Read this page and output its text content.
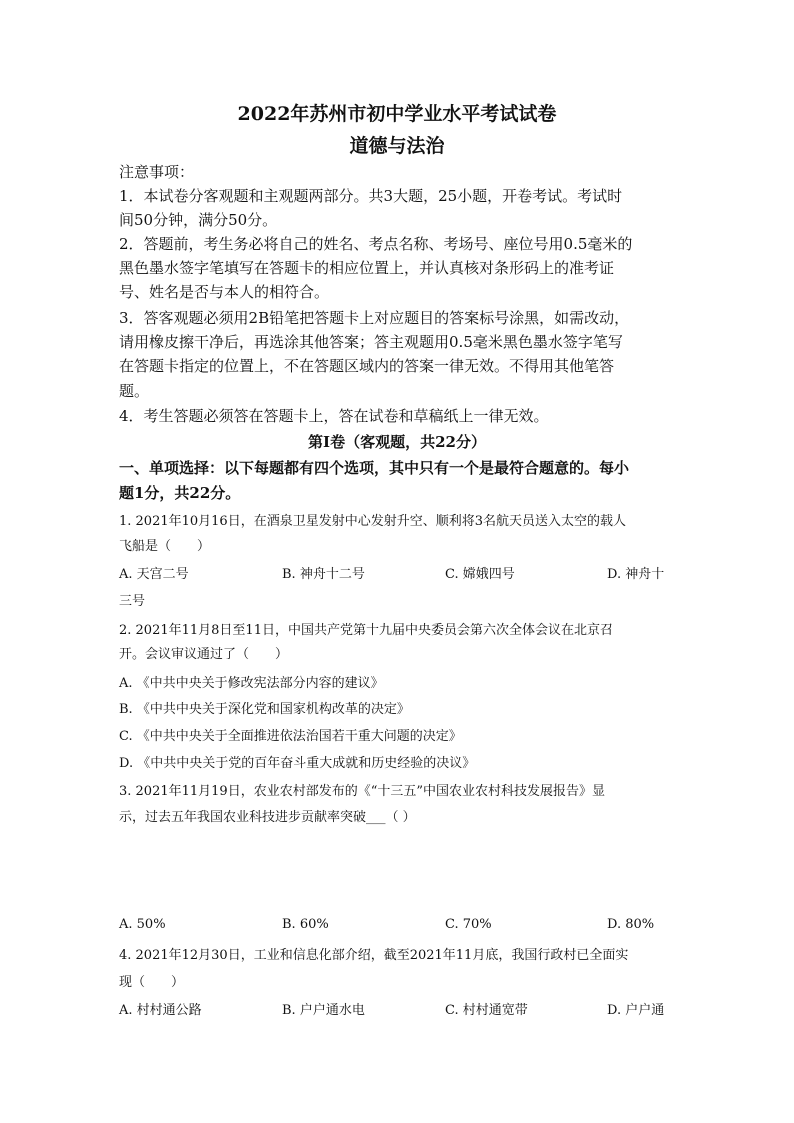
2022年苏州市初中学业水平考试试卷
道德与法治
注意事项：
1．本试卷分客观题和主观题两部分。共3大题，25小题，开卷考试。考试时
间50分钟，满分50分。
2．答题前，考生务必将自己的姓名、考点名称、考场号、座位号用0.5毫米的
黑色墨水签字笔填写在答题卡的相应位置上，并认真核对条形码上的准考证
号、姓名是否与本人的相符合。
3．答客观题必须用2B铅笔把答题卡上对应题目的答案标号涂黑，如需改动，
请用橡皮擦干净后，再选涂其他答案；答主观题用0.5毫米黑色墨水签字笔写
在答题卡指定的位置上，不在答题区域内的答案一律无效。不得用其他笔答
题。
4．考生答题必须答在答题卡上，答在试卷和草稿纸上一律无效。
第Ⅰ卷（客观题，共22分）
一、单项选择：以下每题都有四个选项，其中只有一个是最符合题意的。每小
题1分，共22分。
1. 2021年10月16日，在酒泉卫星发射中心发射升空、顺利将3名航天员送入太空的载人
飞船是（　　）
A. 天宫二号	B. 神舟十二号	C. 嫦娥四号	D. 神舟十
三号
2. 2021年11月8日至11日，中国共产党第十九届中央委员会第六次全体会议在北京召
开。会议审议通过了（　　）
A. 《中共中央关于修改宪法部分内容的建议》
B. 《中共中央关于深化党和国家机构改革的决定》
C. 《中共中央关于全面推进依法治国若干重大问题的决定》
D. 《中共中央关于党的百年奋斗重大成就和历史经验的决议》
3. 2021年11月19日，农业农村部发布的《“十三五”中国农业农村科技发展报告》显
示，过去五年我国农业科技进步贡献率突破___（ ）
A. 50%	B. 60%	C. 70%	D. 80%
4. 2021年12月30日，工业和信息化部介绍，截至2021年11月底，我国行政村已全面实
现（　　）
A. 村村通公路	B. 户户通水电	C. 村村通宽带	D. 户户通
